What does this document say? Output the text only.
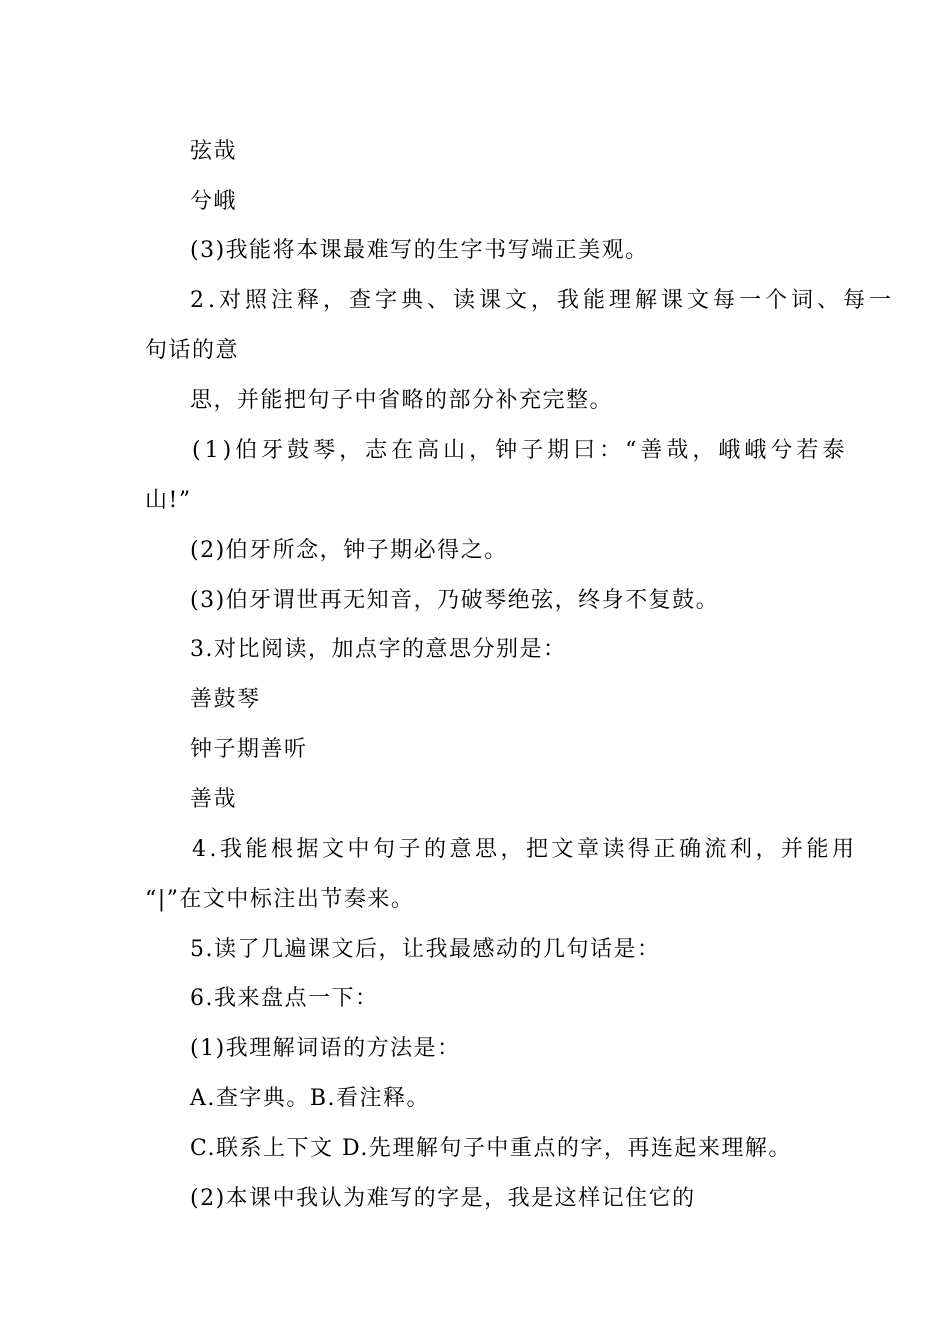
弦哉
兮峨
(3)我能将本课最难写的生字书写端正美观。
2.对照注释，查字典、读课文，我能理解课文每一个词、每一
句话的意
思，并能把句子中省略的部分补充完整。
(1)伯牙鼓琴，志在高山，钟子期曰：“善哉，峨峨兮若泰
山!”
(2)伯牙所念，钟子期必得之。
(3)伯牙谓世再无知音，乃破琴绝弦，终身不复鼓。
3.对比阅读，加点字的意思分别是：
善鼓琴
钟子期善听
善哉
4.我能根据文中句子的意思，把文章读得正确流利，并能用
“|”在文中标注出节奏来。
5.读了几遍课文后，让我最感动的几句话是：
6.我来盘点一下：
(1)我理解词语的方法是：
A.查字典。B.看注释。
C.联系上下文 D.先理解句子中重点的字，再连起来理解。
(2)本课中我认为难写的字是，我是这样记住它的
